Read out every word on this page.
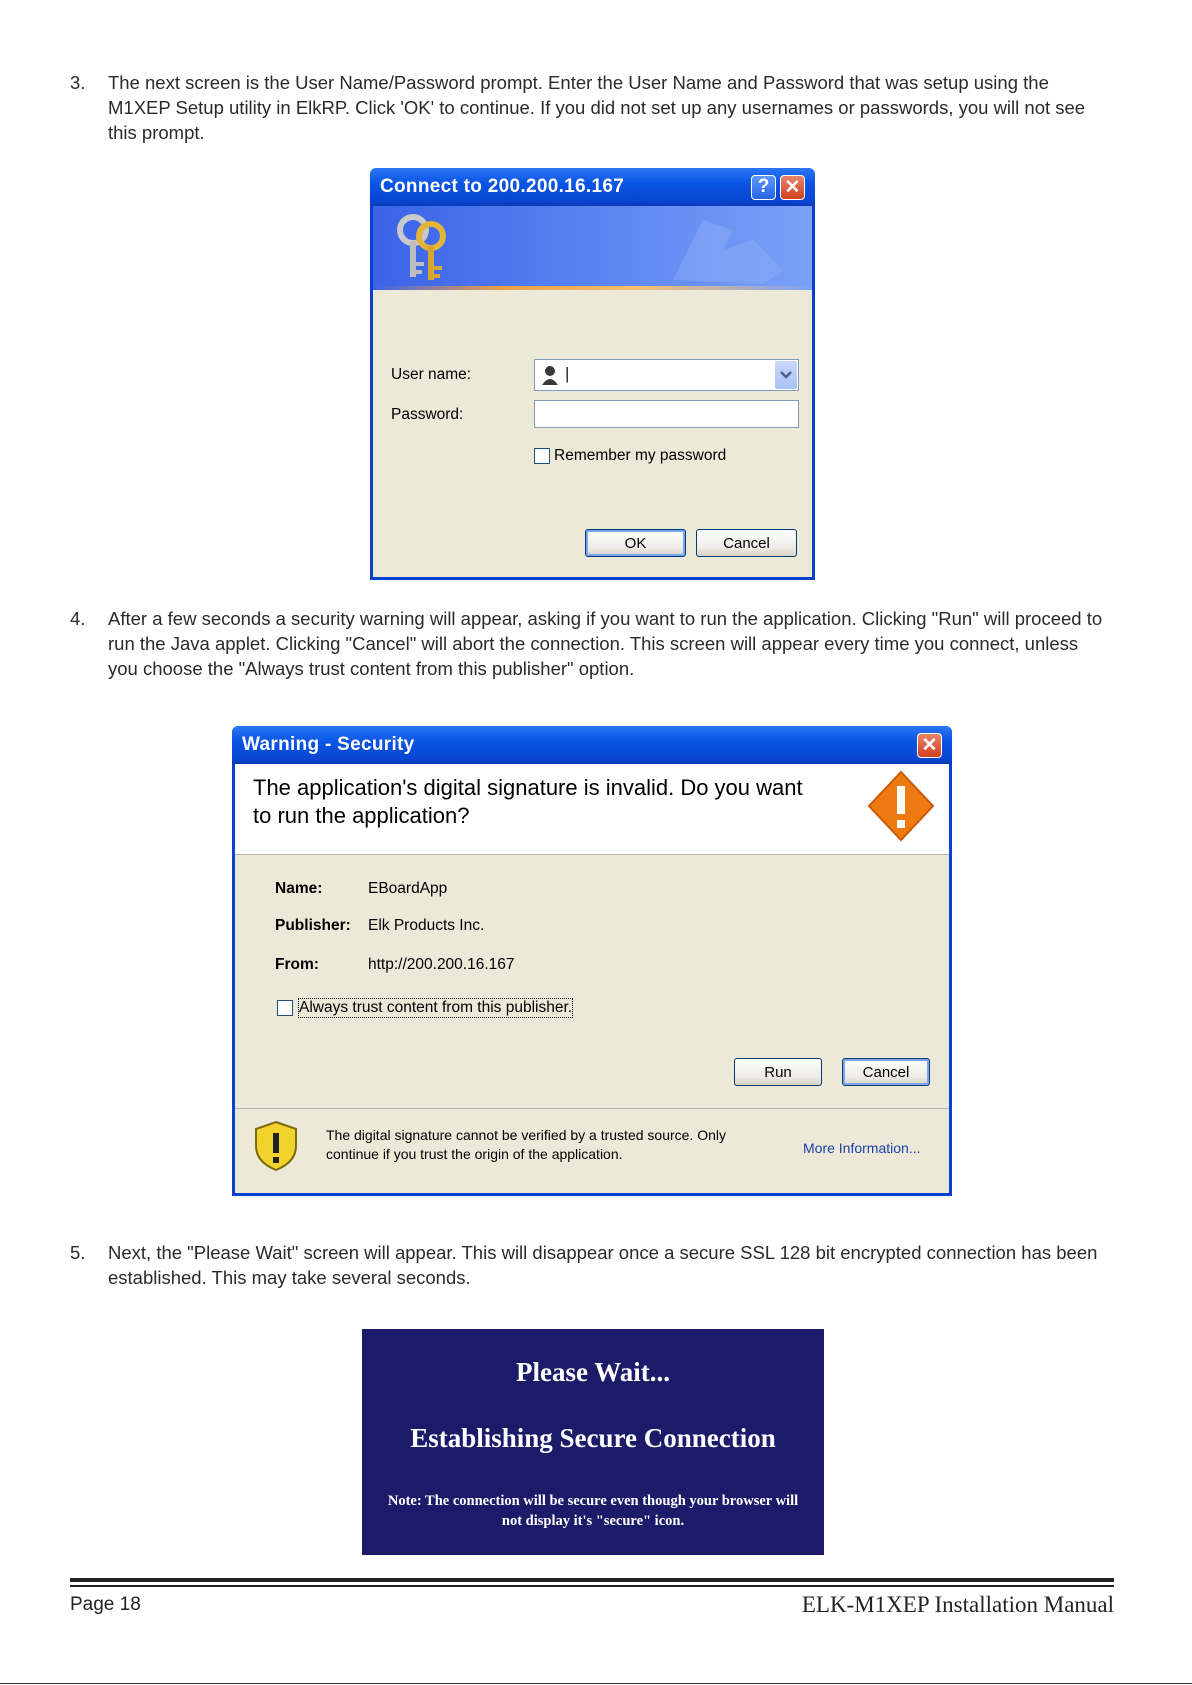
3. The next screen is the User Name/Password prompt. Enter the User Name and Password that was setup using the M1XEP Setup utility in ElkRP. Click 'OK' to continue. If you did not set up any usernames or passwords, you will not see this prompt.
Connect to 200.200.16.167	? ✕
User name:	|
Password:
Remember my password
OK	Cancel
4. After a few seconds a security warning will appear, asking if you want to run the application. Clicking "Run" will proceed to run the Java applet. Clicking "Cancel" will abort the connection. This screen will appear every time you connect, unless you choose the "Always trust content from this publisher" option.
Warning - Security	✕
The application's digital signature is invalid. Do you want to run the application?
Name:	EBoardApp
Publisher: Elk Products Inc.
From:	http://200.200.16.167
Always trust content from this publisher.
Run	Cancel
The digital signature cannot be verified by a trusted source. Only continue if you trust the origin of the application.	More Information...
5. Next, the "Please Wait" screen will appear. This will disappear once a secure SSL 128 bit encrypted connection has been established. This may take several seconds.
Please Wait...
Establishing Secure Connection
Note: The connection will be secure even though your browser will not display it's "secure" icon.
Page 18	ELK-M1XEP Installation Manual
